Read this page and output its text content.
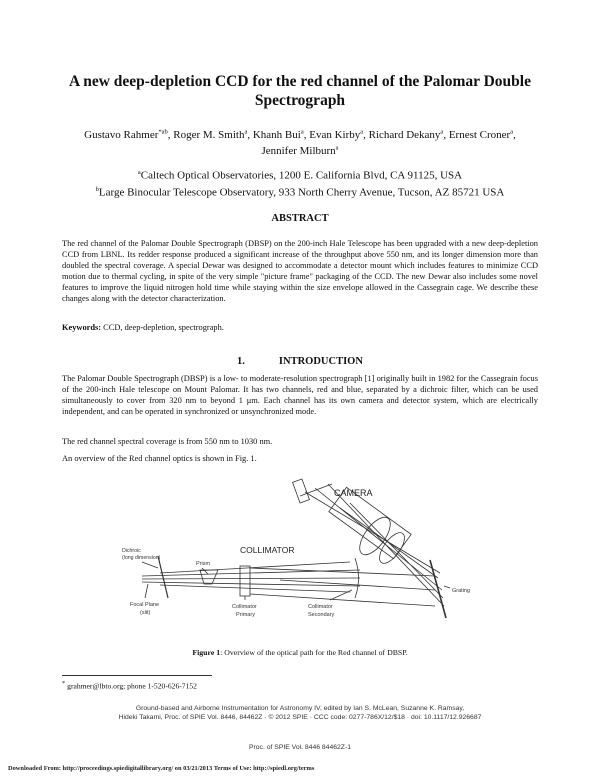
A new deep-depletion CCD for the red channel of the Palomar Double Spectrograph
Gustavo Rahmer$^{*ab}$, Roger M. Smith$^a$, Khanh Bui$^a$, Evan Kirby$^a$, Richard Dekany$^a$, Ernest Croner$^a$,
Jennifer Milburn$^a$
$^a$Caltech Optical Observatories, 1200 E. California Blvd, CA 91125, USA
$^b$Large Binocular Telescope Observatory, 933 North Cherry Avenue, Tucson, AZ 85721 USA
ABSTRACT
The red channel of the Palomar Double Spectrograph (DBSP) on the 200-inch Hale Telescope has been upgraded with a new deep-depletion CCD from LBNL. Its redder response produced a significant increase of the throughput above 550 nm, and its longer dimension more than doubled the spectral coverage. A special Dewar was designed to accommodate a detector mount which includes features to minimize CCD motion due to thermal cycling, in spite of the very simple "picture frame" packaging of the CCD. The new Dewar also includes some novel features to improve the liquid nitrogen hold time while staying within the size envelope allowed in the Cassegrain cage. We describe these changes along with the detector characterization.
Keywords: CCD, deep-depletion, spectrograph.
1.	INTRODUCTION
The Palomar Double Spectrograph (DBSP) is a low- to moderate-resolution spectrograph [1] originally built in 1982 for the Cassegrain focus of the 200-inch Hale telescope on Mount Palomar. It has two channels, red and blue, separated by a dichroic filter, which can be used simultaneously to cover from 320 nm to beyond 1 μm. Each channel has its own camera and detector system, which are electrically independent, and can be operated in synchronized or unsynchronized mode.
The red channel spectral coverage is from 550 nm to 1030 nm.
An overview of the Red channel optics is shown in Fig. 1.
CAMERA
COLLIMATOR
Dichroic
(long dimension)
Prism
Grating
Focal Plane
(slit)
Collimator
Primary
Collimator
Secondary
Figure 1: Overview of the optical path for the Red channel of DBSP.
* grahmer@lbto.org; phone 1-520-626-7152
Ground-based and Airborne Instrumentation for Astronomy IV, edited by Ian S. McLean, Suzanne K. Ramsay,
Hideki Takami, Proc. of SPIE Vol. 8446, 84462Z · © 2012 SPIE · CCC code: 0277-786X/12/$18 · doi: 10.1117/12.926687
Proc. of SPIE Vol. 8446 84462Z-1
Downloaded From: http://proceedings.spiedigitallibrary.org/ on 03/21/2013 Terms of Use: http://spiedl.org/terms
